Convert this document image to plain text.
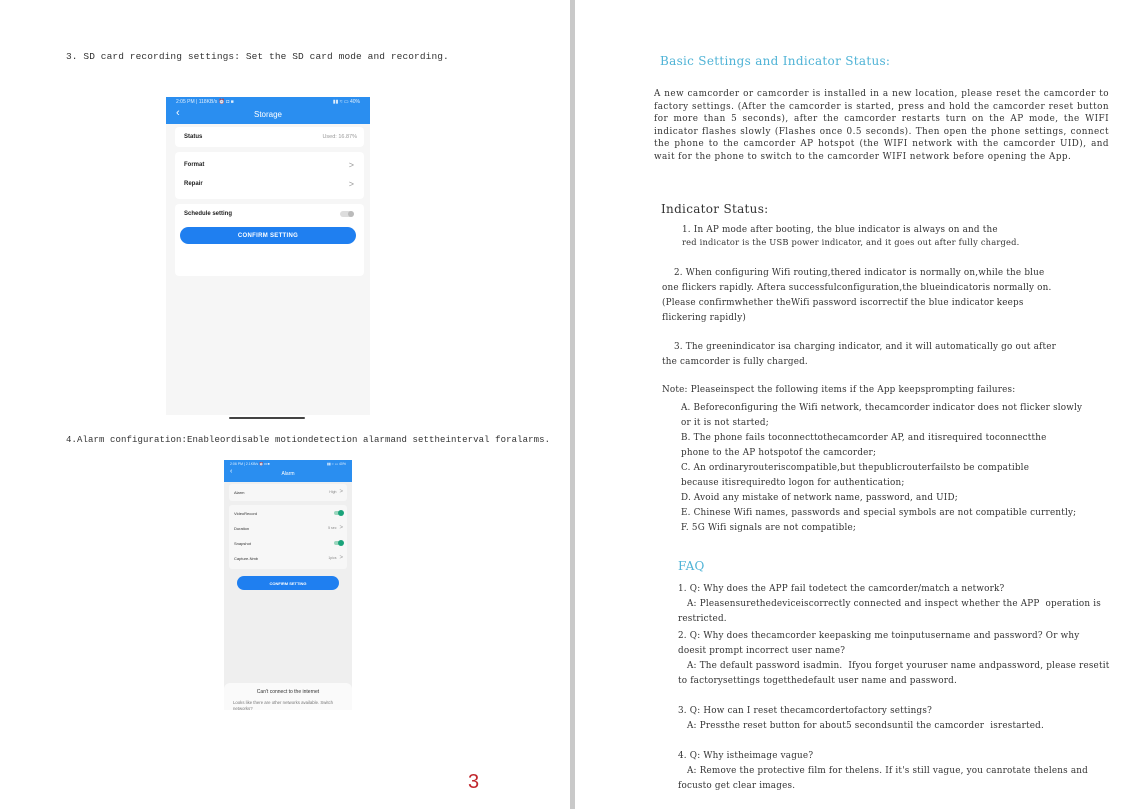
3. SD card recording settings: Set the SD card mode and recording.
2:05 PM | 118KB/s ⏰ ◘ ■	▮▮ ≈ ▭ 40%
‹	Storage
Status	Used: 16.87%
Format	>
Repair	>
Schedule setting
CONFIRM SETTING
4.Alarm configuration:Enableordisable motiondetection alarmand settheinterval foralarms.
2:06 PM | 2.1KB/s ⏰ ◘ ■	▮▮ ≈ ▭ 40%
‹	Alarm
Alarm	High >
VideoRecord
Duration	5 sec >
Snapshot
Capture-Nmb	1pics >
CONFIRM SETTING
Can't connect to the internet
Looks like there are other networks available. Switch networks?
3
Basic Settings and Indicator Status:
A new camcorder or camcorder is installed in a new location, please reset the camcorder to factory settings. (After the camcorder is started, press and hold the camcorder reset button for more than 5 seconds), after the camcorder restarts turn on the AP mode, the WIFI indicator flashes slowly (Flashes once 0.5 seconds). Then open the phone settings, connect the phone to the camcorder AP hotspot (the WIFI network with the camcorder UID), and wait for the phone to switch to the camcorder WIFI network before opening the App.
Indicator Status:
1. In AP mode after booting, the blue indicator is always on and the
red indicator is the USB power indicator, and it goes out after fully charged.
2. When configuring Wifi routing,thered indicator is normally on,while the blue
one flickers rapidly. Aftera successfulconfiguration,the blueindicatoris normally on.
(Please confirmwhether theWifi password iscorrectif the blue indicator keeps
flickering rapidly)
3. The greenindicator isa charging indicator, and it will automatically go out after
the camcorder is fully charged.
Note: Pleaseinspect the following items if the App keepsprompting failures:
A. Beforeconfiguring the Wifi network, thecamcorder indicator does not flicker slowly
or it is not started;
B. The phone fails toconnecttothecamcorder AP, and itisrequired toconnectthe
phone to the AP hotspotof the camcorder;
C. An ordinaryrouteriscompatible,but thepublicrouterfailsto be compatible
because itisrequiredto logon for authentication;
D. Avoid any mistake of network name, password, and UID;
E. Chinese Wifi names, passwords and special symbols are not compatible currently;
F. 5G Wifi signals are not compatible;
FAQ
1. Q: Why does the APP fail todetect the camcorder/match a network?
A: Pleasensurethedeviceiscorrectly connected and inspect whether the APP  operation is
restricted.
2. Q: Why does thecamcorder keepasking me toinputusername and password? Or why
doesit prompt incorrect user name?
A: The default password isadmin.  Ifyou forget youruser name andpassword, please resetit
to factorysettings togetthedefault user name and password.
3. Q: How can I reset thecamcordertofactory settings?
A: Pressthe reset button for about5 secondsuntil the camcorder  isrestarted.
4. Q: Why istheimage vague?
A: Remove the protective film for thelens. If it's still vague, you canrotate thelens and
focusto get clear images.
